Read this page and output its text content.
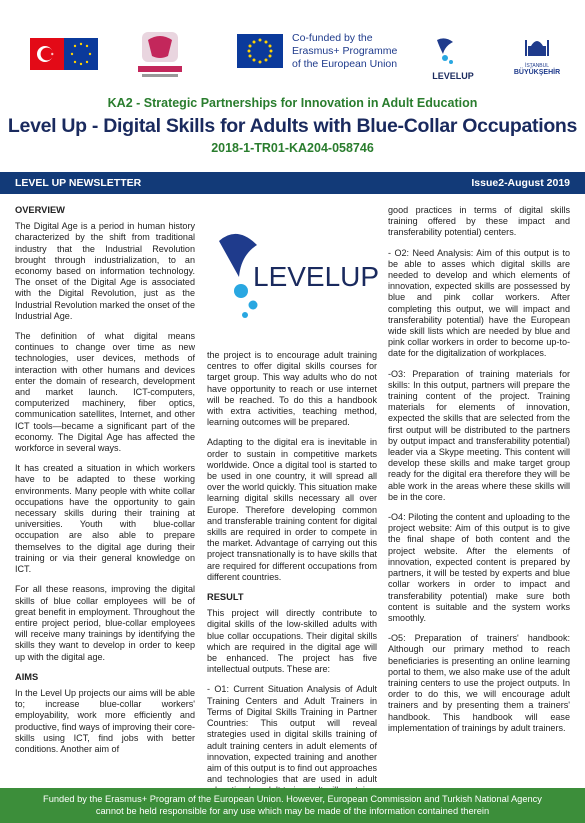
Co-funded by the
Erasmus+ Programme
of the European Union
LEVELUP
İSTANBUL
BÜYÜKŞEHİR
KA2 - Strategic Partnerships for Innovation in Adult Education
Level Up - Digital Skills for Adults with Blue-Collar Occupations
2018-1-TR01-KA204-058746
LEVEL UP NEWSLETTER	Issue2-August 2019
OVERVIEW

The Digital Age is a period in human history characterized by the shift from traditional industry that the Industrial Revolution brought through industrialization, to an economy based on information technology. The onset of the Digital Age is associated with the Digital Revolution, just as the Industrial Revolution marked the onset of the Industrial Age.

The definition of what digital means continues to change over time as new technologies, user devices, methods of interaction with other humans and devices enter the domain of research, development and market launch. ICT-computers, computerized machinery, fiber optics, communication satellites, Internet, and other ICT tools—became a significant part of the economy. The Digital Age has affected the workforce in several ways.

It has created a situation in which workers have to be adapted to these working environments. Many people with white collar occupations have the opportunity to gain necessary skills during their training at universities. Youth with blue-collar occupation are also able to prepare themselves to the digital age during their training or via their general knowledge on ICT.

For all these reasons, improving the digital skills of blue collar employees will be of great benefit in employment. Throughout the entire project period, blue-collar employees will receive many trainings by identifying the skills they want to develop in order to keep up with the digital age.

AIMS

In the Level Up projects our aims will be able to; increase blue-collar workers' employability, work more efficiently and productive, find ways of improving their core-skills using ICT, find jobs with better conditions. Another aim of

LEVELUP

the project is to encourage adult training centres to offer digital skills courses for target group. This way adults who do not have opportunity to reach or use internet will be reached. To do this a handbook with extra activities, teaching method, learning outcomes will be prepared.

Adapting to the digital era is inevitable in order to sustain in competitive markets worldwide. Once a digital tool is started to be used in one country, it will spread all over the world quickly. This situation make learning digital skills necessary all over Europe. Therefore developing common and transferable training content for digital skills are required in order to compete in the market. Advantage of carrying out this project transnationally is to have skills that are required for different occupations from different countries.

RESULT

This project will directly contribute to digital skills of the low-skilled adults with blue collar occupations. Their digital skills which are required in the digital age will be enhanced. The project has five intellectual outputs. These are:

- O1: Current Situation Analysis of Adult Training Centers and Adult Trainers in Terms of Digital Skills Training in Partner Countries: This output will reveal strategies used in digital skills training of adult training centers in adult elements of innovation, expected training and another aim of this output is to find out approaches and technologies that are used in adult

good practices in terms of digital skills training offered by these impact and transferability potential) centers.

- O2: Need Analysis: Aim of this output is to be able to asses which digital skills are needed to develop and which elements of innovation, expected skills are possessed by blue and pink collar workers. After completing this output, we will impact and transferability potential) have the European wide skill lists which are needed by blue and pink collar workers in order to become up-to-date for the digitalization of workplaces.

-O3: Preparation of training materials for skills: In this output, partners will prepare the training content of the project. Training materials for elements of innovation, expected the skills that are selected from the first output will be distributed to the partners by output impact and transferability potential) leader via a Skype meeting. This content will develop these skills and make target group ready for the digital era therefore they will be able work in the areas where these skills will be in the core.

-O4: Piloting the content and uploading to the project website: Aim of this output is to give the final shape of both content and the project website. After the elements of innovation, expected content is prepared by partners, it will be tested by experts and blue collar workers in order to impact and transferability potential) make sure both content is suitable and the system works smoothly.

-O5: Preparation of trainers' handbook: Although our primary method to reach beneficiaries is presenting an online learning portal to them, we also make use of the adult training centers to use the project outputs. In order to do this, we will encourage adult trainers and by presenting them a trainers' handbook. This handbook will ease implementation of trainings by adult trainers.

Funded by the Erasmus+ Program of the European Union. However, European Commission and Turkish National Agency
cannot be held responsible for any use which may be made of the information contained therein
